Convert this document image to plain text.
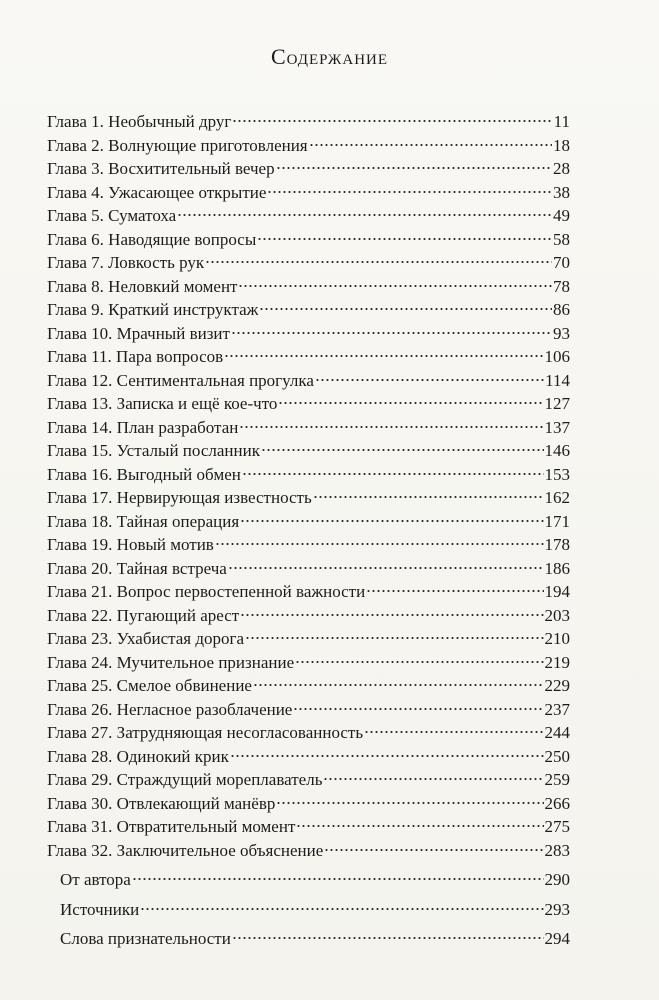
Содержание
Глава 1. Необычный друг	11
Глава 2. Волнующие приготовления	18
Глава 3. Восхитительный вечер	28
Глава 4. Ужасающее открытие	38
Глава 5. Суматоха	49
Глава 6. Наводящие вопросы	58
Глава 7. Ловкость рук	70
Глава 8. Неловкий момент	78
Глава 9. Краткий инструктаж	86
Глава 10. Мрачный визит	93
Глава 11. Пара вопросов	106
Глава 12. Сентиментальная прогулка	114
Глава 13. Записка и ещё кое-что	127
Глава 14. План разработан	137
Глава 15. Усталый посланник	146
Глава 16. Выгодный обмен	153
Глава 17. Нервирующая известность	162
Глава 18. Тайная операция	171
Глава 19. Новый мотив	178
Глава 20. Тайная встреча	186
Глава 21. Вопрос первостепенной важности	194
Глава 22. Пугающий арест	203
Глава 23. Ухабистая дорога	210
Глава 24. Мучительное признание	219
Глава 25. Смелое обвинение	229
Глава 26. Негласное разоблачение	237
Глава 27. Затрудняющая несогласованность	244
Глава 28. Одинокий крик	250
Глава 29. Страждущий мореплаватель	259
Глава 30. Отвлекающий манёвр	266
Глава 31. Отвратительный момент	275
Глава 32. Заключительное объяснение	283
От автора	290
Источники	293
Слова признательности	294
